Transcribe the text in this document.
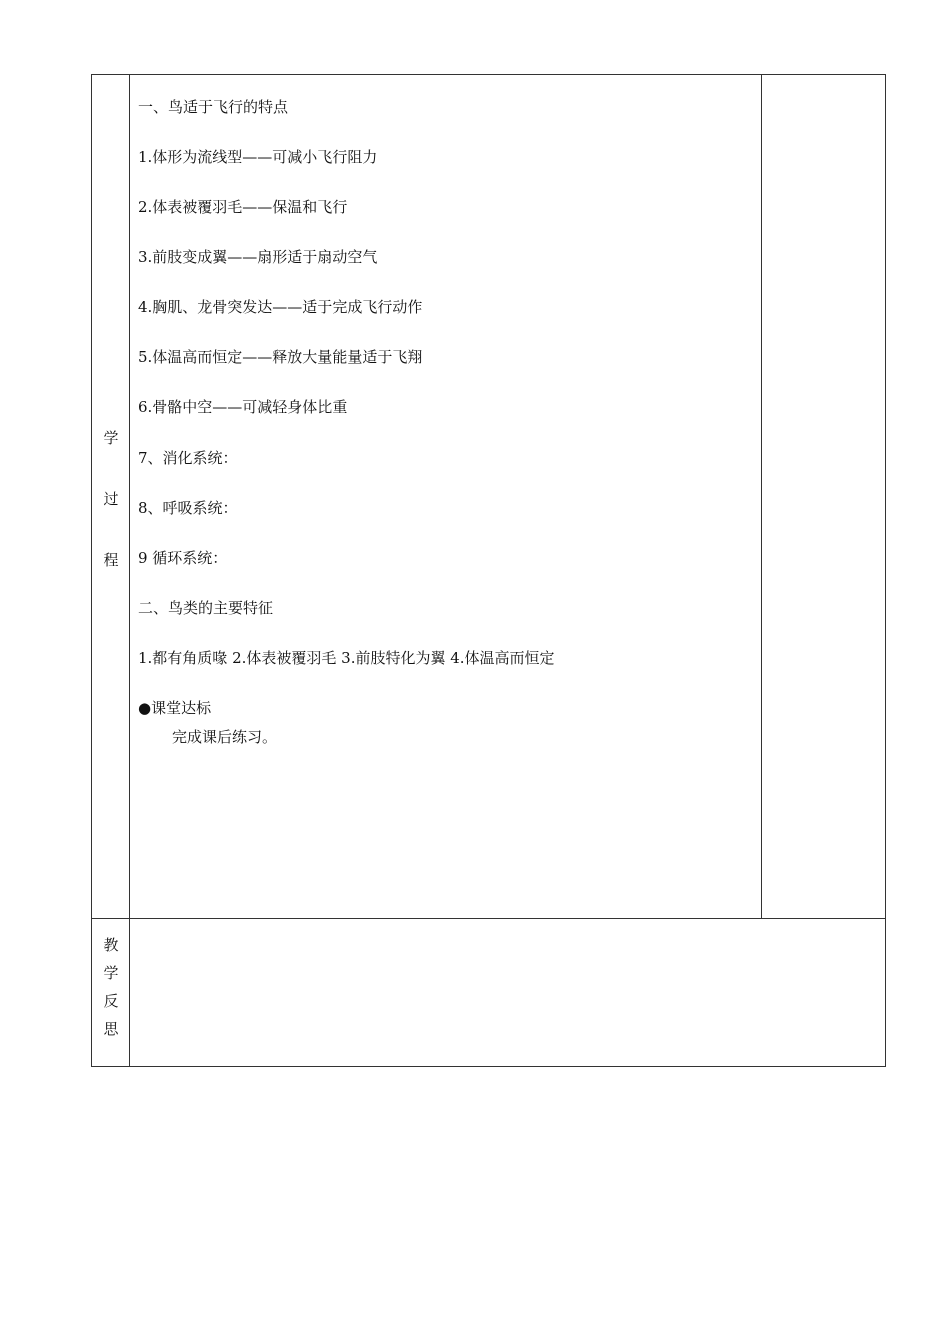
学
过
程
教
学
反
思
一、鸟适于飞行的特点
1.体形为流线型——可减小飞行阻力
2.体表被覆羽毛——保温和飞行
3.前肢变成翼——扇形适于扇动空气
4.胸肌、龙骨突发达——适于完成飞行动作
5.体温高而恒定——释放大量能量适于飞翔
6.骨骼中空——可减轻身体比重
7、消化系统：
8、呼吸系统：
9 循环系统：
二、鸟类的主要特征
1.都有角质喙 2.体表被覆羽毛 3.前肢特化为翼 4.体温高而恒定
●课堂达标
完成课后练习。
